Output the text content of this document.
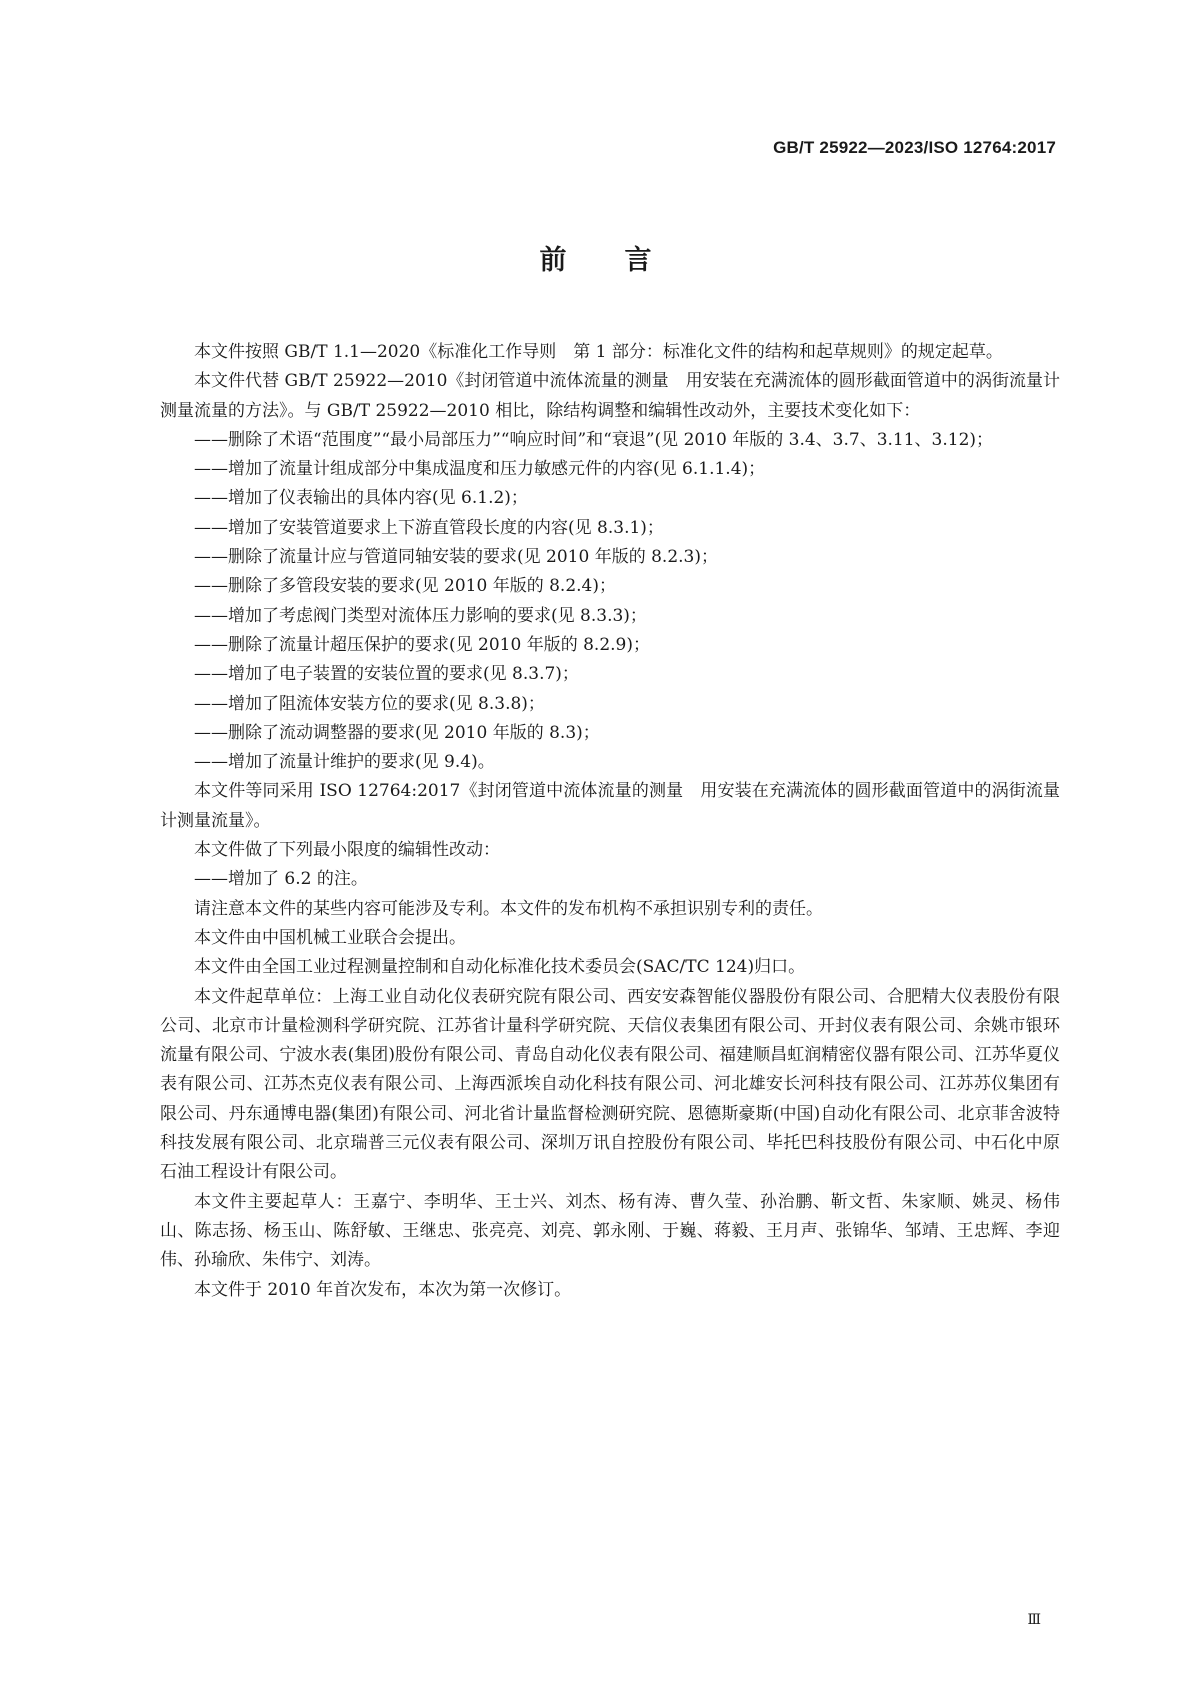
GB/T 25922—2023/ISO 12764:2017
前言

本文件按照 GB/T 1.1—2020《标准化工作导则　第 1 部分：标准化文件的结构和起草规则》的规定起草。

本文件代替 GB/T 25922—2010《封闭管道中流体流量的测量　用安装在充满流体的圆形截面管道中的涡街流量计测量流量的方法》。与 GB/T 25922—2010 相比，除结构调整和编辑性改动外，主要技术变化如下：

——删除了术语“范围度”“最小局部压力”“响应时间”和“衰退”(见 2010 年版的 3.4、3.7、3.11、3.12)；

——增加了流量计组成部分中集成温度和压力敏感元件的内容(见 6.1.1.4)；

——增加了仪表输出的具体内容(见 6.1.2)；

——增加了安装管道要求上下游直管段长度的内容(见 8.3.1)；

——删除了流量计应与管道同轴安装的要求(见 2010 年版的 8.2.3)；

——删除了多管段安装的要求(见 2010 年版的 8.2.4)；

——增加了考虑阀门类型对流体压力影响的要求(见 8.3.3)；

——删除了流量计超压保护的要求(见 2010 年版的 8.2.9)；

——增加了电子装置的安装位置的要求(见 8.3.7)；

——增加了阻流体安装方位的要求(见 8.3.8)；

——删除了流动调整器的要求(见 2010 年版的 8.3)；

——增加了流量计维护的要求(见 9.4)。

本文件等同采用 ISO 12764:2017《封闭管道中流体流量的测量　用安装在充满流体的圆形截面管道中的涡街流量计测量流量》。

本文件做了下列最小限度的编辑性改动：

——增加了 6.2 的注。

请注意本文件的某些内容可能涉及专利。本文件的发布机构不承担识别专利的责任。

本文件由中国机械工业联合会提出。

本文件由全国工业过程测量控制和自动化标准化技术委员会(SAC/TC 124)归口。

本文件起草单位：上海工业自动化仪表研究院有限公司、西安安森智能仪器股份有限公司、合肥精大仪表股份有限公司、北京市计量检测科学研究院、江苏省计量科学研究院、天信仪表集团有限公司、开封仪表有限公司、余姚市银环流量有限公司、宁波水表(集团)股份有限公司、青岛自动化仪表有限公司、福建顺昌虹润精密仪器有限公司、江苏华夏仪表有限公司、江苏杰克仪表有限公司、上海西派埃自动化科技有限公司、河北雄安长河科技有限公司、江苏苏仪集团有限公司、丹东通博电器(集团)有限公司、河北省计量监督检测研究院、恩德斯豪斯(中国)自动化有限公司、北京菲舍波特科技发展有限公司、北京瑞普三元仪表有限公司、深圳万讯自控股份有限公司、毕托巴科技股份有限公司、中石化中原石油工程设计有限公司。

本文件主要起草人：王嘉宁、李明华、王士兴、刘杰、杨有涛、曹久莹、孙治鹏、靳文哲、朱家顺、姚灵、杨伟山、陈志扬、杨玉山、陈舒敏、王继忠、张亮亮、刘亮、郭永刚、于巍、蒋毅、王月声、张锦华、邹靖、王忠辉、李迎伟、孙瑜欣、朱伟宁、刘涛。

本文件于 2010 年首次发布，本次为第一次修订。

Ⅲ
